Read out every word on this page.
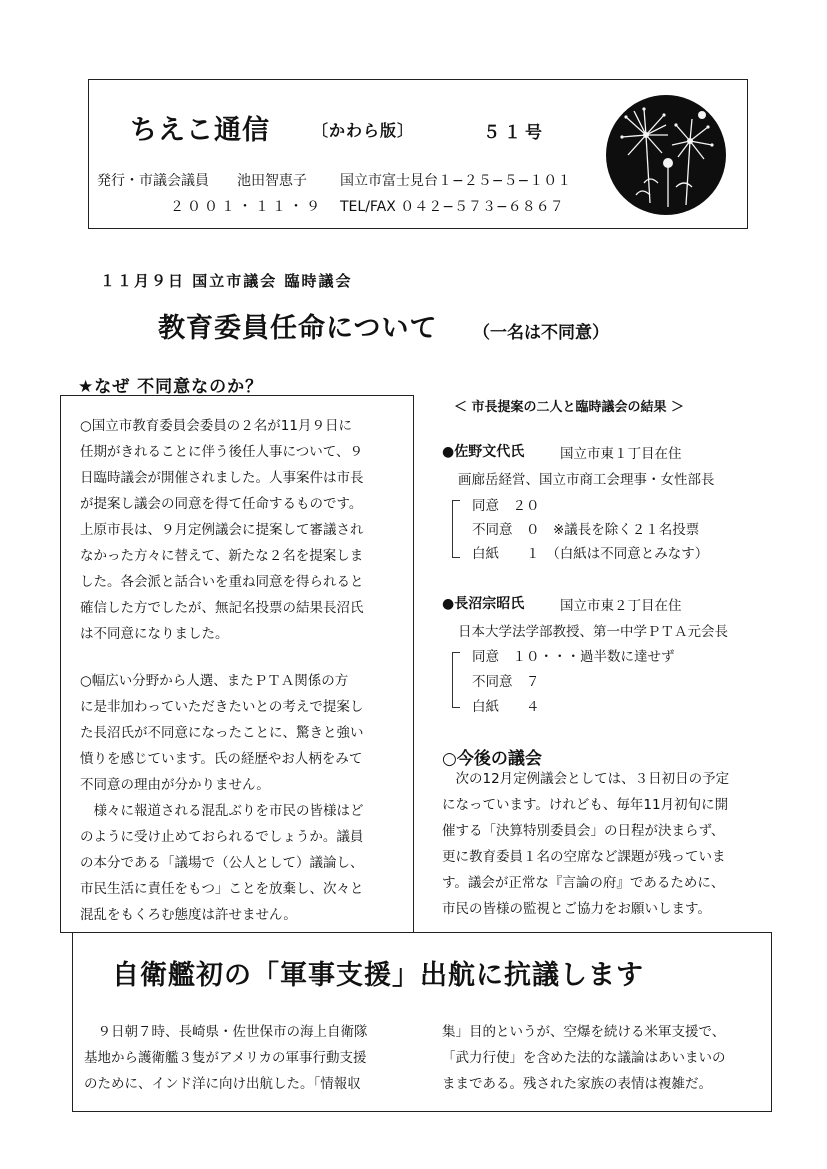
ちえこ通信	〔かわら版〕	５１号
発行・市議会議員 池田智恵子 国立市富士見台１−２５−５−１０１
２００１・１１・９ TEL/FAX ０４２−５７３−６８６７
１１月９日 国立市議会 臨時議会
教育委員任命について （一名は不同意）
★なぜ 不同意なのか？
○国立市教育委員会委員の２名が11月９日に
任期がきれることに伴う後任人事について、９
日臨時議会が開催されました。人事案件は市長
が提案し議会の同意を得て任命するものです。
上原市長は、９月定例議会に提案して審議され
なかった方々に替えて、新たな２名を提案しま
した。各会派と話合いを重ね同意を得られると
確信した方でしたが、無記名投票の結果長沼氏
は不同意になりました。
○幅広い分野から人選、またＰＴＡ関係の方
に是非加わっていただきたいとの考えで提案し
た長沼氏が不同意になったことに、驚きと強い
憤りを感じています。氏の経歴やお人柄をみて
不同意の理由が分かりません。
　様々に報道される混乱ぶりを市民の皆様はど
のように受け止めておられるでしょうか。議員
の本分である「議場で（公人として）議論し、
市民生活に責任をもつ」ことを放棄し、次々と
混乱をもくろむ態度は許せません。
＜ 市長提案の二人と臨時議会の結果 ＞
●佐野文代氏	国立市東１丁目在住
画廊岳経営、国立市商工会理事・女性部長
同意　２０
不同意　０　※議長を除く２１名投票
白紙　　１　（白紙は不同意とみなす）
●長沼宗昭氏	国立市東２丁目在住
日本大学法学部教授、第一中学ＰＴＡ元会長
同意　１０・・・過半数に達せず
不同意　７
白紙　　４
○今後の議会
　次の12月定例議会としては、３日初日の予定
になっています。けれども、毎年11月初旬に開
催する「決算特別委員会」の日程が決まらず、
更に教育委員１名の空席など課題が残っていま
す。議会が正常な『言論の府』であるために、
市民の皆様の監視とご協力をお願いします。
自衛艦初の「軍事支援」出航に抗議します
　９日朝７時、長崎県・佐世保市の海上自衛隊
基地から護衛艦３隻がアメリカの軍事行動支援
のために、インド洋に向け出航した。「情報収
集」目的というが、空爆を続ける米軍支援で、
「武力行使」を含めた法的な議論はあいまいの
ままである。残された家族の表情は複雑だ。
